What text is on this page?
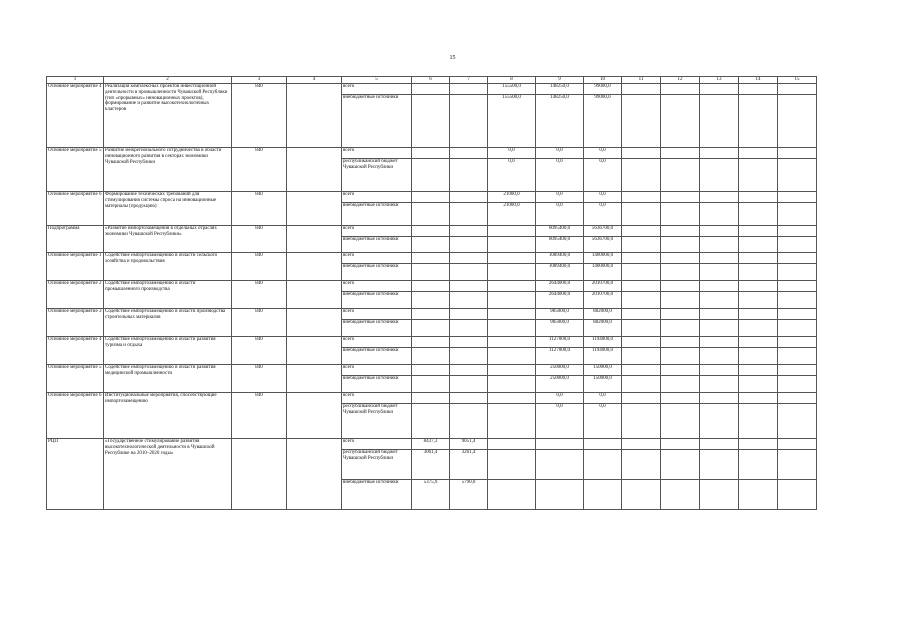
15
1	2	3	4	5	6	7	8	9	10	11	12	13	14	15
Основное мероприятие 4	Реализация комплексных проектов инвестиционной деятельности в промышленности Чувашской Республики (тип «прорывных» инновационных проектов), формирование и развитие высокотехнологичных кластеров	840		всего			155500,0	148250,0	99000,0					
				внебюджетные источники			155500,0	148250,0	99000,0					
Основное мероприятие 5	Развитие межрегионального сотрудничества в области инновационного развития в секторах экономики Чувашской Республики	840		всего			0,0	0,0	0,0					
				республиканский бюджет Чувашской Республики			0,0	0,0	0,0					
Основное мероприятие 6	Формирование технических требований для стимулирования системы спроса на инновационные материалы (продукцию)	840		всего			21000,0	0,0	0,0					
				внебюджетные источники			21000,0	0,0	0,0					
Подпрограмма	«Развитие импортозамещения в отдельных отраслях экономики Чувашской Республики»	840		всего				6095400,0	5636700,0					
				внебюджетные источники				6095400,0	5636700,0					
Основное мероприятие 1	Содействие импортозамещению в области сельского хозяйства и продовольствия	840		всего				1089400,0	1400000,0					
				внебюджетные источники				1089400,0	1400000,0					
Основное мероприятие 2	Содействие импортозамещению в области промышленного производства	840		всего				2644000,0	2010700,0					
				внебюджетные источники				2644000,0	2010700,0					
Основное мероприятие 3	Содействие импортозамещению в области производства строительных материалов	840		всего				985000,0	882000,0					
				внебюджетные источники				985000,0	882000,0					
Основное мероприятие 4	Содействие импортозамещению в области развития туризма и отдыха	840		всего				1127000,0	1194000,0					
				внебюджетные источники				1127000,0	1194000,0					
Основное мероприятие 5	Содействие импортозамещению в области развития медицинской промышленности	840		всего				250000,0	150000,0					
				внебюджетные источники				250000,0	150000,0					
Основное мероприятие 6	Институциональные мероприятия, способствующие импортозамещению	840		всего				0,0	0,0					
				республиканский бюджет Чувашской Республики				0,0	0,0					
РЦП	«Государственное стимулирование развития высокотехнологической деятельности в Чувашской Республике на 2010–2020 годы»			всего	8437,3	9051,4								
				республиканский бюджет Чувашской Республики	3061,4	3261,4								
				внебюджетные источники	5375,9	5790,0								
